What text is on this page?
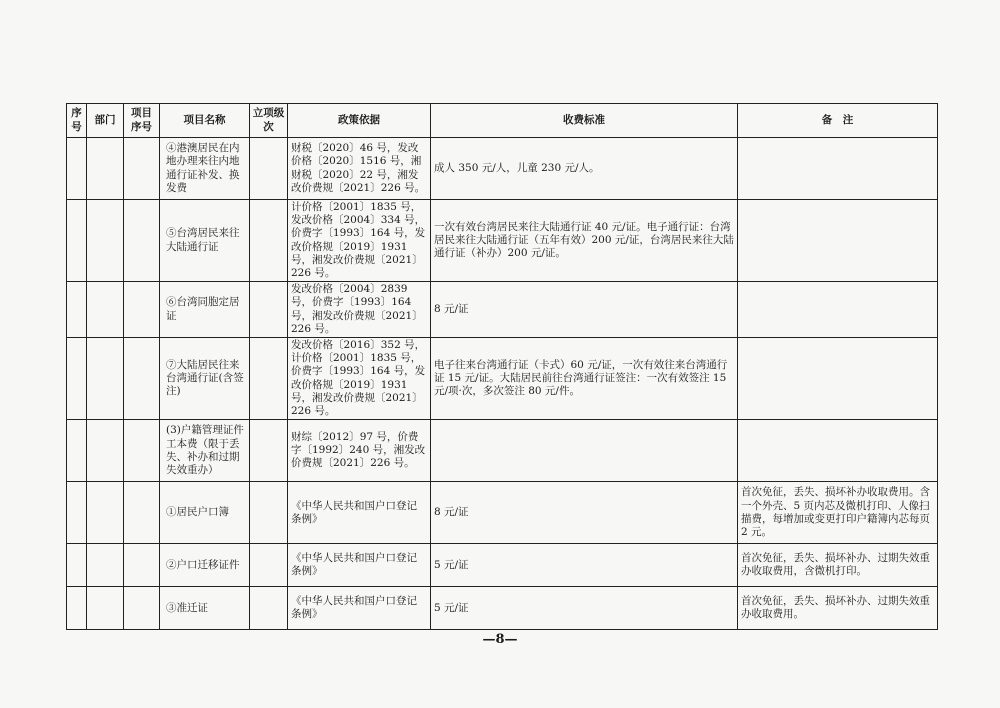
序号	部门	项目序号	项目名称	立项级次	政策依据	收费标准	备　注
			④港澳居民在内地办理来往内地通行证补发、换发费		财税〔2020〕46 号，发改价格〔2020〕1516 号，湘财税〔2020〕22 号，湘发改价费规〔2021〕226 号。	成人 350 元/人，儿童 230 元/人。	
			⑤台湾居民来往大陆通行证		计价格〔2001〕1835 号，发改价格〔2004〕334 号，价费字〔1993〕164 号，发改价格规〔2019〕1931 号，湘发改价费规〔2021〕226 号。	一次有效台湾居民来往大陆通行证 40 元/证。电子通行证：台湾居民来往大陆通行证（五年有效）200 元/证，台湾居民来往大陆通行证（补办）200 元/证。	
			⑥台湾同胞定居证		发改价格〔2004〕2839 号，价费字〔1993〕164 号，湘发改价费规〔2021〕226 号。	8 元/证	
			⑦大陆居民往来台湾通行证(含签注)		发改价格〔2016〕352 号，计价格〔2001〕1835 号，价费字〔1993〕164 号，发改价格规〔2019〕1931 号，湘发改价费规〔2021〕226 号。	电子往来台湾通行证（卡式）60 元/证，一次有效往来台湾通行证 15 元/证。大陆居民前往台湾通行证签注：一次有效签注 15 元/项·次，多次签注 80 元/件。	
			(3)户籍管理证件工本费（限于丢失、补办和过期失效重办）		财综〔2012〕97 号，价费字〔1992〕240 号，湘发改价费规〔2021〕226 号。		
			①居民户口簿		《中华人民共和国户口登记条例》	8 元/证	首次免征，丢失、损坏补办收取费用。含一个外壳、5 页内芯及微机打印、人像扫描费，每增加或变更打印户籍簿内芯每页 2 元。
			②户口迁移证件		《中华人民共和国户口登记条例》	5 元/证	首次免征，丢失、损坏补办、过期失效重办收取费用，含微机打印。
			③准迁证		《中华人民共和国户口登记条例》	5 元/证	首次免征，丢失、损坏补办、过期失效重办收取费用。
—8—
